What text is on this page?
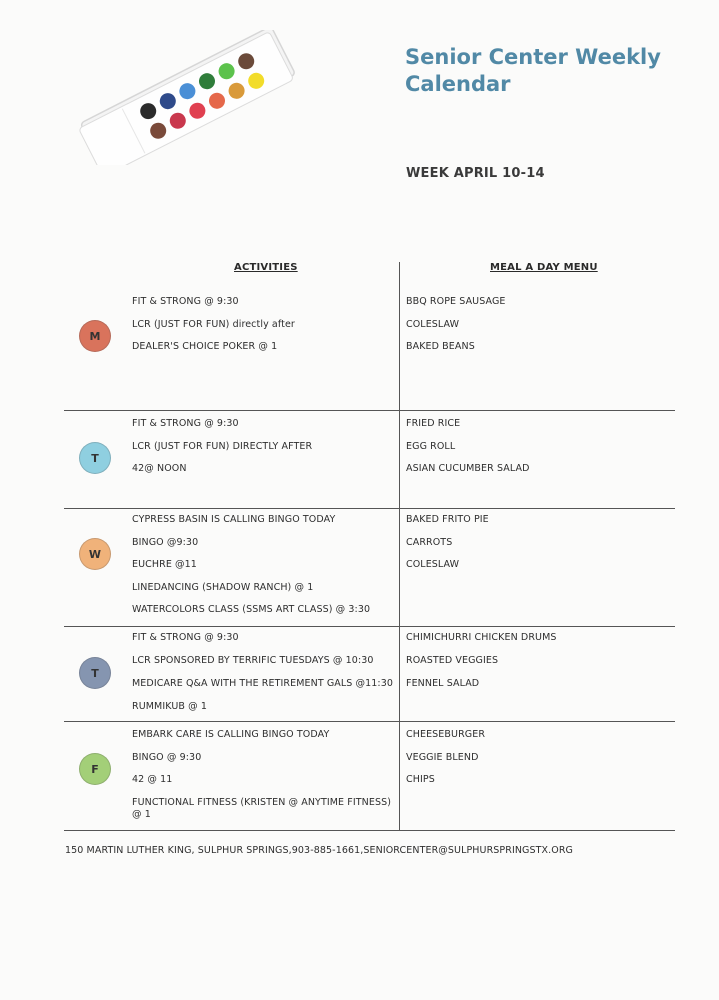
Senior Center Weekly
Calendar
WEEK APRIL 10-14
ACTIVITIES	MEAL A DAY MENU
M
FIT & STRONG @ 9:30
LCR (JUST FOR FUN) directly after
DEALER'S CHOICE POKER @ 1
BBQ ROPE SAUSAGE
COLESLAW
BAKED BEANS
T
FIT & STRONG @ 9:30
LCR (JUST FOR FUN) DIRECTLY AFTER
42@ NOON
FRIED RICE
EGG ROLL
ASIAN CUCUMBER SALAD
W
CYPRESS BASIN IS CALLING BINGO TODAY
BINGO @9:30
EUCHRE @11
LINEDANCING (SHADOW RANCH) @ 1
WATERCOLORS CLASS (SSMS ART CLASS) @ 3:30
BAKED FRITO PIE
CARROTS
COLESLAW
T
FIT & STRONG @ 9:30
LCR SPONSORED BY TERRIFIC TUESDAYS @ 10:30
MEDICARE Q&A WITH THE RETIREMENT GALS @11:30
RUMMIKUB @ 1
CHIMICHURRI CHICKEN DRUMS
ROASTED VEGGIES
FENNEL SALAD
F
EMBARK CARE IS CALLING BINGO TODAY
BINGO @ 9:30
42 @ 11
FUNCTIONAL FITNESS (KRISTEN @ ANYTIME FITNESS) @ 1
CHEESEBURGER
VEGGIE BLEND
CHIPS
150 MARTIN LUTHER KING, SULPHUR SPRINGS,903-885-1661,SENIORCENTER@SULPHURSPRINGSTX.ORG
